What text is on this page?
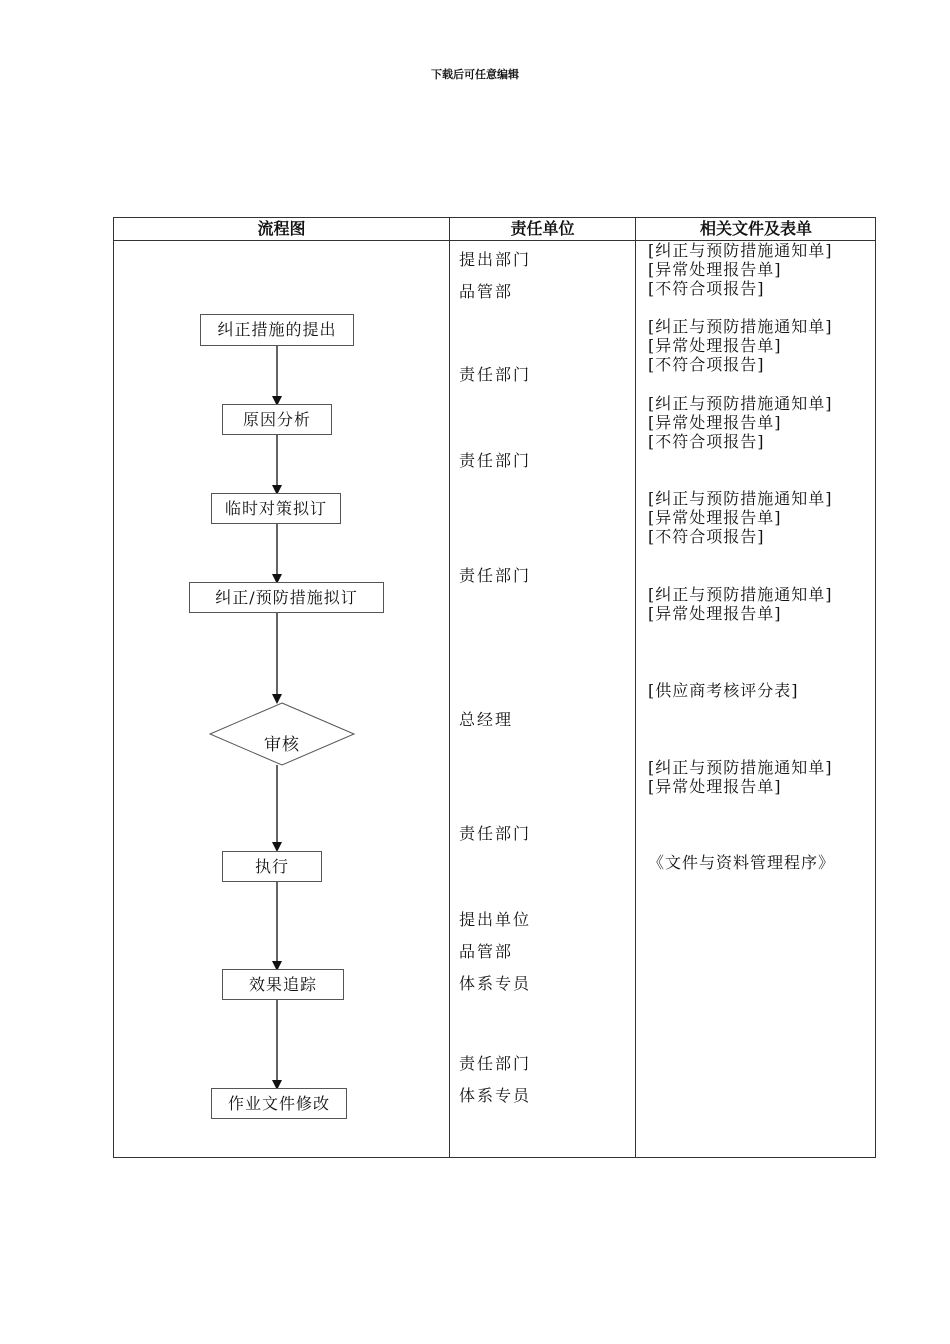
下载后可任意编辑
流程图	责任单位	相关文件及表单
纠正措施的提出
原因分析
临时对策拟订
纠正/预防措施拟订
审核
执行
效果追踪
作业文件修改
提出部门
品管部
责任部门
责任部门
责任部门
总经理
责任部门
提出单位
品管部
体系专员
责任部门
体系专员
[纠正与预防措施通知单]
[异常处理报告单]
[不符合项报告]
[纠正与预防措施通知单]
[异常处理报告单]
[不符合项报告]
[纠正与预防措施通知单]
[异常处理报告单]
[不符合项报告]
[纠正与预防措施通知单]
[异常处理报告单]
[不符合项报告]
[纠正与预防措施通知单]
[异常处理报告单]
[供应商考核评分表]
[纠正与预防措施通知单]
[异常处理报告单]
《文件与资料管理程序》
